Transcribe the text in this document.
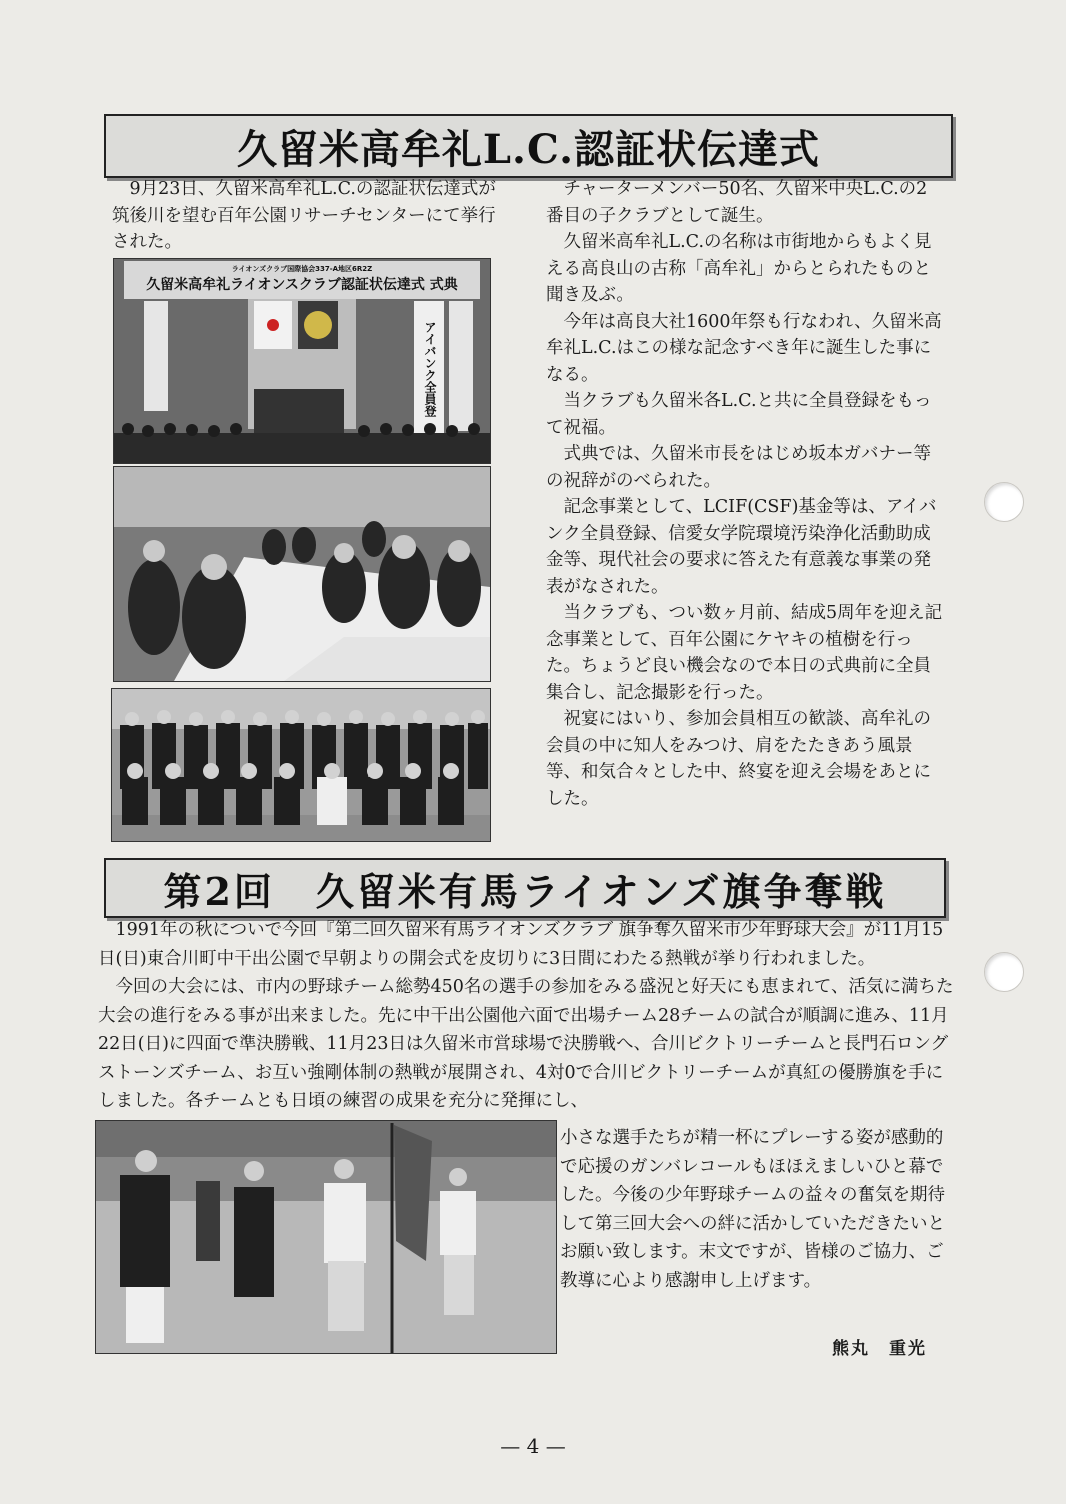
久留米高牟礼L.C.認証状伝達式

9月23日、久留米高牟礼L.C.の認証状伝達式が筑後川を望む百年公園リサーチセンターにて挙行された。

ライオンズクラブ国際協会337-A地区6R2Z
久留米高牟礼ライオンスクラブ認証状伝達式 式典
アイバンク全員登

チャーターメンバー50名、久留米中央L.C.の2番目の子クラブとして誕生。

久留米高牟礼L.C.の名称は市街地からもよく見える高良山の古称「高牟礼」からとられたものと聞き及ぶ。

今年は高良大社1600年祭も行なわれ、久留米高牟礼L.C.はこの様な記念すべき年に誕生した事になる。

当クラブも久留米各L.C.と共に全員登録をもって祝福。

式典では、久留米市長をはじめ坂本ガバナー等の祝辞がのべられた。

記念事業として、LCIF(CSF)基金等は、アイバンク全員登録、信愛女学院環境汚染浄化活動助成金等、現代社会の要求に答えた有意義な事業の発表がなされた。

当クラブも、つい数ヶ月前、結成5周年を迎え記念事業として、百年公園にケヤキの植樹を行った。ちょうど良い機会なので本日の式典前に全員集合し、記念撮影を行った。

祝宴にはいり、参加会員相互の歓談、高牟礼の会員の中に知人をみつけ、肩をたたきあう風景等、和気合々とした中、終宴を迎え会場をあとにした。

第2回　久留米有馬ライオンズ旗争奪戦

1991年の秋についで今回『第二回久留米有馬ライオンズクラブ 旗争奪久留米市少年野球大会』が11月15日(日)東合川町中干出公園で早朝よりの開会式を皮切りに3日間にわたる熱戦が挙り行われました。

今回の大会には、市内の野球チーム総勢450名の選手の参加をみる盛況と好天にも恵まれて、活気に満ちた大会の進行をみる事が出来ました。先に中干出公園他六面で出場チーム28チームの試合が順調に進み、11月22日(日)に四面で準決勝戦、11月23日は久留米市営球場で決勝戦へ、合川ビクトリーチームと長門石ロングストーンズチーム、お互い強剛体制の熱戦が展開され、4対0で合川ビクトリーチームが真紅の優勝旗を手にしました。各チームとも日頃の練習の成果を充分に発揮にし、

小さな選手たちが精一杯にプレーする姿が感動的で応援のガンバレコールもほほえましいひと幕でした。今後の少年野球チームの益々の奮気を期待して第三回大会への絆に活かしていただきたいとお願い致します。末文ですが、皆様のご協力、ご教導に心より感謝申し上げます。

熊丸　重光
— 4 —
